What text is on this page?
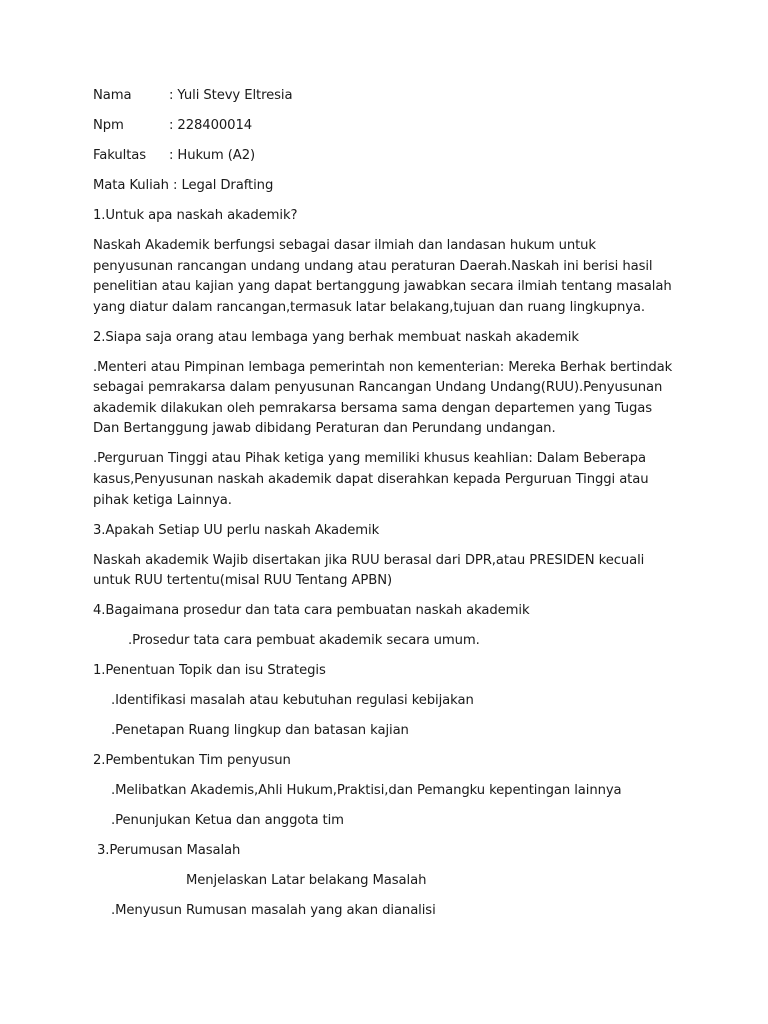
Nama	: Yuli Stevy Eltresia
Npm	: 228400014
Fakultas	: Hukum (A2)

Mata Kuliah : Legal Drafting

1.Untuk apa naskah akademik?

Naskah Akademik berfungsi sebagai dasar ilmiah dan landasan hukum untuk penyusunan rancangan undang undang atau peraturan Daerah.Naskah ini berisi hasil penelitian atau kajian yang dapat bertanggung jawabkan secara ilmiah tentang masalah yang diatur dalam rancangan,termasuk latar belakang,tujuan dan ruang lingkupnya.

2.Siapa saja orang atau lembaga yang berhak membuat naskah akademik

.Menteri atau Pimpinan lembaga pemerintah non kementerian: Mereka Berhak bertindak sebagai pemrakarsa dalam penyusunan Rancangan Undang Undang(RUU).Penyusunan akademik dilakukan oleh pemrakarsa bersama sama dengan departemen yang Tugas Dan Bertanggung jawab dibidang Peraturan dan Perundang undangan.

.Perguruan Tinggi atau Pihak ketiga yang memiliki khusus keahlian: Dalam Beberapa kasus,Penyusunan naskah akademik dapat diserahkan kepada Perguruan Tinggi atau pihak ketiga Lainnya.

3.Apakah Setiap UU perlu naskah Akademik

Naskah akademik Wajib disertakan jika RUU berasal dari DPR,atau PRESIDEN kecuali untuk RUU tertentu(misal RUU Tentang APBN)

4.Bagaimana prosedur dan tata cara pembuatan naskah akademik

.Prosedur tata cara pembuat akademik secara umum.

1.Penentuan Topik dan isu Strategis

.Identifikasi masalah atau kebutuhan regulasi kebijakan

.Penetapan Ruang lingkup dan batasan kajian

2.Pembentukan Tim penyusun

.Melibatkan Akademis,Ahli Hukum,Praktisi,dan Pemangku kepentingan lainnya

.Penunjukan Ketua dan anggota tim

3.Perumusan Masalah

Menjelaskan Latar belakang Masalah

.Menyusun Rumusan masalah yang akan dianalisi
